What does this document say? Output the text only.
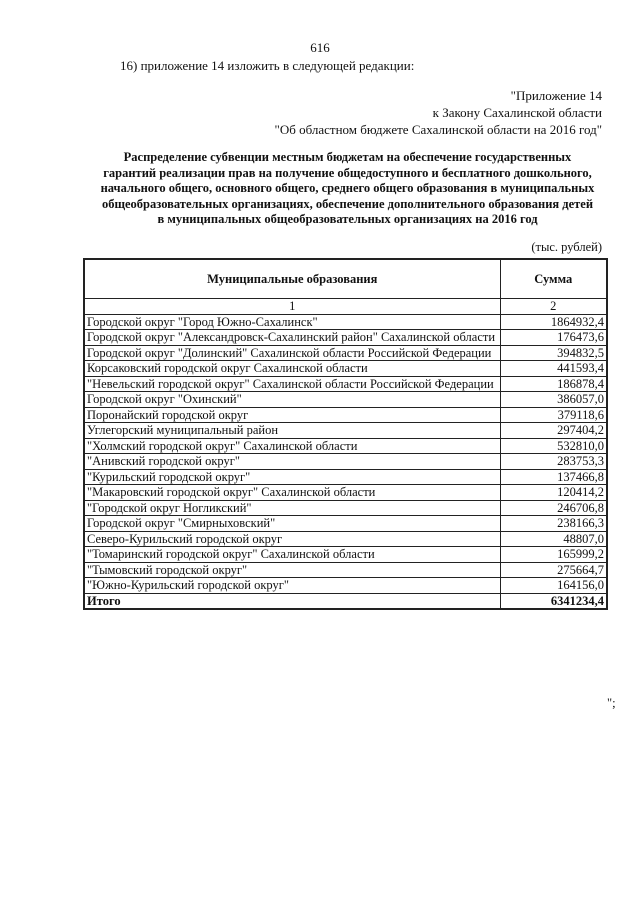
616
16) приложение 14 изложить в следующей редакции:
"Приложение 14
к Закону Сахалинской области
"Об областном бюджете Сахалинской области на 2016 год"
Распределение субвенции местным бюджетам на обеспечение государственных
гарантий реализации прав на получение общедоступного и бесплатного дошкольного,
начального общего, основного общего, среднего общего образования в муниципальных
общеобразовательных организациях, обеспечение дополнительного образования детей
в муниципальных общеобразовательных организациях на 2016 год
(тыс. рублей)
Муниципальные образования	Сумма
1	2
Городской округ "Город Южно-Сахалинск"	1864932,4
Городской округ "Александровск-Сахалинский район" Сахалинской области	176473,6
Городской округ "Долинский" Сахалинской области Российской Федерации	394832,5
Корсаковский городской округ Сахалинской области	441593,4
"Невельский городской округ" Сахалинской области Российской Федерации	186878,4
Городской округ "Охинский"	386057,0
Поронайский городской округ	379118,6
Углегорский муниципальный район	297404,2
"Холмский городской округ" Сахалинской области	532810,0
"Анивский городской округ"	283753,3
"Курильский городской округ"	137466,8
"Макаровский городской округ" Сахалинской области	120414,2
"Городской округ Ногликский"	246706,8
Городской округ "Смирныховский"	238166,3
Северо-Курильский городской округ	48807,0
"Томаринский городской округ" Сахалинской области	165999,2
"Тымовский городской округ"	275664,7
"Южно-Курильский городской округ"	164156,0
Итого	6341234,4
";
